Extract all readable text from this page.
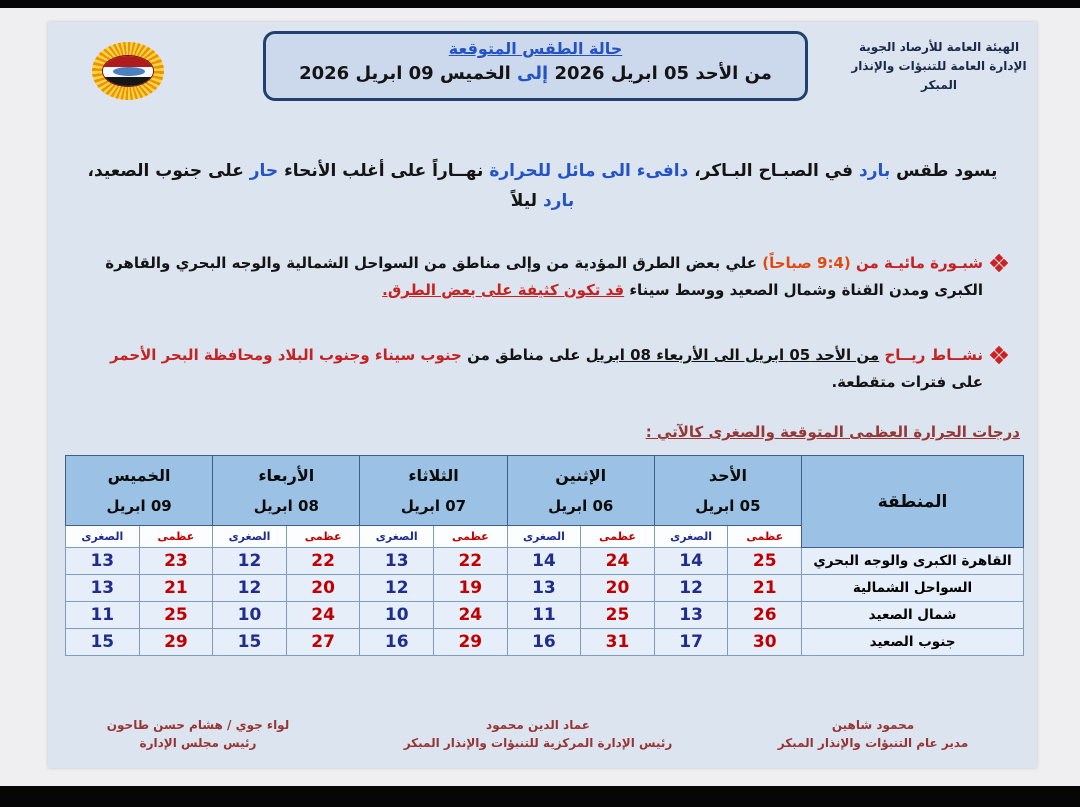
الهيئة العامة للأرصاد الجوية
الإدارة العامة للتنبؤات والإنذار المبكر
حالة الطقس المتوقعة
من الأحد 05 ابريل 2026 إلى الخميس 09 ابريل 2026
يسود طقس بارد في الصبـاح البـاكر، دافىء الى مائل للحرارة نهــاراً على أغلب الأنحاء حار على جنوب الصعيد،
بارد ليلاً
شبـورة مائيـة من (9:4 صباحاً) علي بعض الطرق المؤدية من وإلى مناطق من السواحل الشمالية والوجه البحري والقاهرة الكبرى ومدن القناة وشمال الصعيد ووسط سيناء قد تكون كثيفة على بعض الطرق.
نشــاط ريــاح من الأحد 05 ابريل الى الأربعاء 08 ابريل على مناطق من جنوب سيناء وجنوب البلاد ومحافظة البحر الأحمر على فترات متقطعة.
درجات الحرارة العظمى المتوقعة والصغرى كالآتي :
المنطقة	
الأحد
05 ابريل

الإثنين
06 ابريل

الثلاثاء
07 ابريل

الأربعاء
08 ابريل

الخميس
09 ابريل

	عظمى	الصغرى	عظمى	الصغرى	عظمى	الصغرى	عظمى	الصغرى	عظمى	الصغرى
القاهرة الكبرى والوجه البحري	25	14	24	14	22	13	22	12	23	13
السواحل الشمالية	21	12	20	13	19	12	20	12	21	13
شمال الصعيد	26	13	25	11	24	10	24	10	25	11
جنوب الصعيد	30	17	31	16	29	16	27	15	29	15
محمود شاهين
مدير عام التنبؤات والإنذار المبكر
عماد الدين محمود
رئيس الإدارة المركزية للتنبؤات والإنذار المبكر
لواء جوي / هشام حسن طاحون
رئيس مجلس الإدارة
